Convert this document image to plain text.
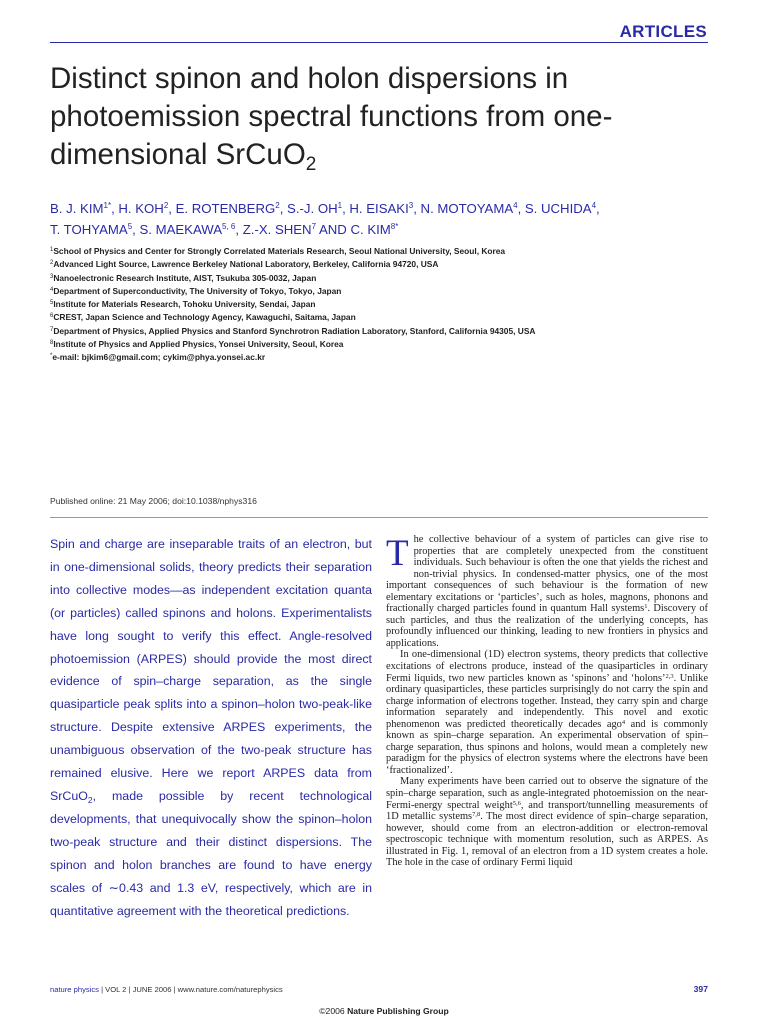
ARTICLES
Distinct spinon and holon dispersions in photoemission spectral functions from one-dimensional SrCuO$_2$
B. J. $KIM^{1*}$, H. KOH$^2$, E. ROTENBERG$^2$, S.-J. $OH^1$, H. EISAKI$^3$, N. MOTOYAMA$^4$, S. UCHIDA$^4$,
T. TOHYAMA$^5$, S. MAEKAWA$^{5, 6}$, Z.-X. SHEN$^7$ AND C. $KIM^{8*}$
$^1$School of Physics and Center for Strongly Correlated Materials Research, Seoul National University, Seoul, Korea
$^2$Advanced Light Source, Lawrence Berkeley National Laboratory, Berkeley, California 94720, USA
$^3$Nanoelectronic Research Institute, AIST, Tsukuba 305-0032, Japan
$^4$Department of Superconductivity, The University of Tokyo, Tokyo, Japan
$^5$Institute for Materials Research, Tohoku University, Sendai, Japan
$^6$CREST, Japan Science and Technology Agency, Kawaguchi, Saitama, Japan
$^7$Department of Physics, Applied Physics and Stanford Synchrotron Radiation Laboratory, Stanford, California 94305, USA
$^8$Institute of Physics and Applied Physics, Yonsei University, Seoul, Korea
*e-mail: bjkim6@gmail.com; cykim@phya.yonsei.ac.kr
Published online: 21 May 2006; doi:10.1038/nphys316

Spin and charge are inseparable traits of an electron, but in one-dimensional solids, theory predicts their separation into collective modes—as independent excitation quanta (or particles) called spinons and holons. Experimentalists have long sought to verify this effect. Angle-resolved photoemission (ARPES) should provide the most direct evidence of spin–charge separation, as the single quasiparticle peak splits into a spinon–holon two-peak-like structure. Despite extensive ARPES experiments, the unambiguous observation of the two-peak structure has remained elusive. Here we report ARPES data from SrCuO$_2$, made possible by recent technological developments, that unequivocally show the spinon–holon two-peak structure and their distinct dispersions. The spinon and holon branches are found to have energy scales of ∼0.43 and 1.3 eV, respectively, which are in quantitative agreement with the theoretical predictions.

The collective behaviour of a system of particles can give rise to properties that are completely unexpected from the constituent individuals. Such behaviour is often the one that yields the richest and non-trivial physics. In condensed-matter physics, one of the most important consequences of such behaviour is the formation of new elementary excitations or ‘particles’, such as holes, magnons, phonons and fractionally charged particles found in quantum Hall systems$^1$. Discovery of such particles, and thus the realization of the underlying concepts, has profoundly influenced our thinking, leading to new frontiers in physics and applications.

In one-dimensional (1D) electron systems, theory predicts that collective excitations of electrons produce, instead of the quasiparticles in ordinary Fermi liquids, two new particles known as ‘spinons’ and ‘holons’$^{2,3}$. Unlike ordinary quasiparticles, these particles surprisingly do not carry the spin and charge information of electrons together. Instead, they carry spin and charge information separately and independently. This novel and exotic phenomenon was predicted theoretically decades ago$^4$ and is commonly known as spin–charge separation. An experimental observation of spin–charge separation, thus spinons and holons, would mean a completely new paradigm for the physics of electron systems where the electrons have been ‘fractionalized’.

Many experiments have been carried out to observe the signature of the spin–charge separation, such as angle-integrated photoemission on the near-Fermi-energy spectral weight$^{5,6}$, and transport/tunnelling measurements of 1D metallic systems$^{7,8}$. The most direct evidence of spin–charge separation, however, should come from an electron-addition or electron-removal spectroscopic technique with momentum resolution, such as ARPES. As illustrated in Fig. 1, removal of an electron from a 1D system creates a hole. The hole in the case of ordinary Fermi liquid

nature physics | VOL 2 | JUNE 2006 | www.nature.com/naturephysics	397
©2006 Nature Publishing Group
